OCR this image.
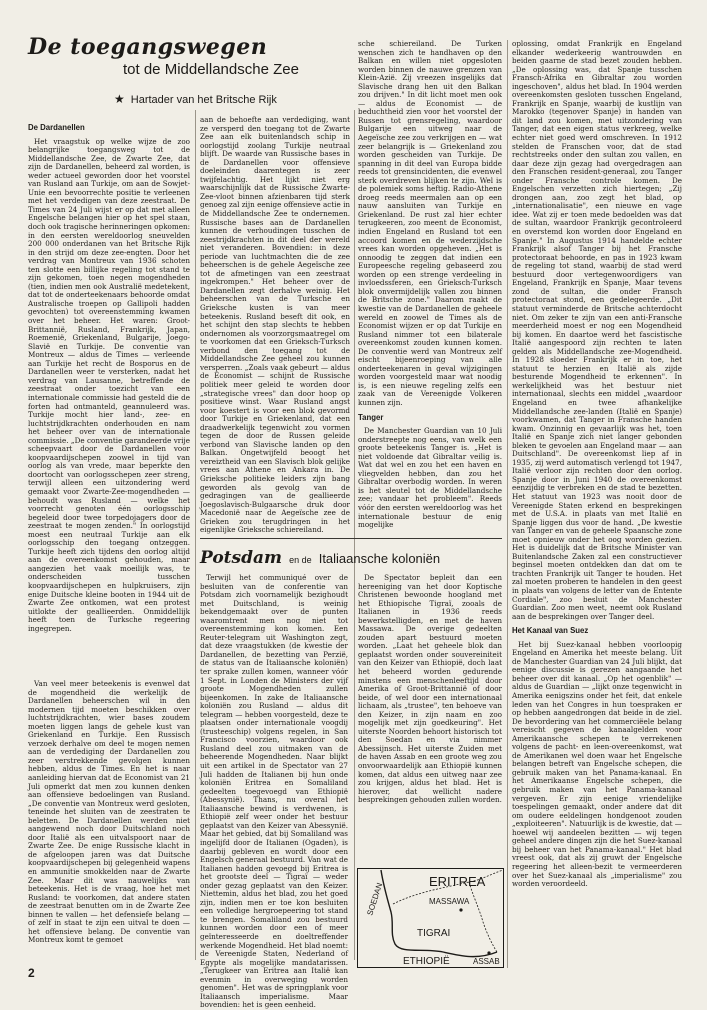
De toegangswegen
tot de Middellandsche Zee
★ Hartader van het Britsche Rijk
De Dardanellen

Het vraagstuk op welke wijze de zoo belangrijke toegangsweg tot de Middellandsche Zee, de Zwarte Zee, dat zijn de Dardanellen, beheerd zal worden, is weder actueel geworden door het voorstel van Rusland aan Turkije, om aan de Sowjet-Unie een bevoorrechte positie te verleenen met het verdedigen van deze zeestraat. De Times van 24 Juli wijst er op dat met alleen Engelsche belangen hier op het spel staan, doch ook tragische herinneringen opkomen: in den eersten wereldoorlog sneuvelden 200 000 onderdanen van het Britsche Rijk in den strijd om deze zee-engten. Door het verdrag van Montreux van 1936 schoten ten slotte een billijke regeling tot stand te zijn gekomen, toen negen mogendheden (tien, indien men ook Australië medetekent, dat tot de onderteekenaars behoorde omdat Australische troepen op Gallipoli hadden gevochten) tot overeenstemming kwamen over het beheer. Het waren: Groot-Brittannië, Rusland, Frankrijk, Japan, Roemenië, Griekenland, Bulgarije, Joego-Slavië en Turkije. De conventie van Montreux — aldus de Times — verleende aan Turkije het recht de Bosporus en de Dardanellen weer te versterken, nadat het verdrag van Lausanne, betreffende de zeestraat onder toezicht van een internationale commissie had gesteld die de forten had ontmanteld, geannuleerd was. Turkije mocht hier land-, zee- en luchtstrijdkrachten onderhouden en nam het beheer over van de internationale commissie. „De conventie garandeerde vrije scheepvaart door de Dardanellen voor koopvaardijschepen zoowel in tijd van oorlog als van vrede, maar beperkte den doortocht van oorlogsschepen zeer streng, terwijl alleen een uitzondering werd gemaakt voor Zwarte-Zee-mogendheden — behoudt was Rusland — welke het voorrecht genoten één oorlogsschip begeleid door twee torpedojagers door de zeestraat te mogen zenden." In oorlogstijd moest een neutraal Turkije aan elk oorlogsschip den toegang ontzeggen. Turkije heeft zich tijdens den oorlog altijd aan de overeenkomst gehouden, maar aangezien het vaak moeilijk was, te onderscheiden tusschen koopvaardijschepen en hulpkruisers, zijn enige Duitsche kleine booten in 1944 uit de Zwarte Zee ontkomen, wat een protest uitlokte der geallieerden. Onmiddellijk heeft toen de Turksche regeering ingegrepen.

Van veel meer beteekenis is evenwel dat de mogendheid die werkelijk de Dardanellen beheerschen wil in den modernen tijd moeten beschikken over luchtstrijdkrachten, wier bases zoudem moeten liggen langs de gehele kust van Griekenland en Turkije. Een Russisch verzoek derhalve om deel te mogen nemen aan de verdediging der Dardanellen zou zeer verstrekkende gevolgen kunnen hebben, aldus de Times. En het is naar aanleiding hiervan dat de Economist van 21 Juli opmerkt dat men zou kunnen denken aan offensieve bedoelingen van Rusland. „De conventie van Montreux werd gesloten, teneinde het sluiten van de zeestraten te beletten. De Dardanellen werden niet aangewend noch door Duitschland noch door Italië als een uitvalspoort naar de Zwarte Zee. De enige Russische klacht in de afgeloopen jaren was dat Duitsche koopvaardijschepen bij gelegenheid wapens en ammunitie smokkelden naar de Zwarte Zee. Maar dit was nauwelijks van beteekenis. Het is de vraag, hoe het met Rusland: te voorkomen, dat andere staten de zeestraat benutten om in de Zwarte Zee binnen te vallen — het defensiefe belang — of zelf in staat te zijn een uitval te doen — het offensieve belang. De conventie van Montreux komt te gemoet

aan de behoefte aan verdediging, want ze versperd den toegang tot de Zwarte Zee aan elk buitenlandsch schip in oorlogstijd zoolang Turkije neutraal blijft. De waarde van Russische bases in de Dardanellen voor offensieve doeleinden daarentegen is zeer twijfelachtig. Het lijkt niet erg waarschijnlijk dat de Russische Zwarte-Zee-vloot binnen afzienbaren tijd sterk genoeg zal zijn eenige offensieve actie in de Middellandsche Zee te ondernemen. Russische bases aan de Dardanellen kunnen de verhoudingen tusschen de zeestrijdkrachten in dit deel der wereld niet veranderen. Bovendien: in deze periode van luchtmachten die de zee beheerschen is de gehele Aegeïsche zee tot de afmetingen van een zeestraat ingekrompen." Het beheer over de Dardanellen zegt derhalve weinig. Het beheerschen van de Turksche en Grieksche kusten is van meer beteekenis. Rusland beseft dit ook, en het schijnt den stap slechts te hebben ondernomen als voorzorgsmaatregel om te voorkomen dat een Grieksch-Turksch verbond den toegang tot de Middellandsche Zee geheel zou kunnen versperren. „Zoals vaak gebeurt — aldus de Economist — schijnt de Russische politiek meer geleid te worden door „strategische vrees" dan door hoop op positieve winst. Waar Rusland angst voor koestert is voor een blok gevormd door Turkije en Griekenland, dat een draadwerkelijk tegenwicht zou vormen tegen de door de Russen geleide verbond van Slavische landen op den Balkan. Ongetwijfeld beoogt het vereiztheid van een Slavisch blok gelijke vrees aan Athene en Ankara in. De Grieksche politieke leiders zijn bang geworden als gevolg van de gedragingen van de geallieerde Joegoslavisch-Bulgaarsche druk door Macedonië naar de Aegeïsche zee de Grieken zou terugdringen in het eigenlijke Grieksche schiereiland.

sche schiereiland. De Turken wenschen zich te handhaven op den Balkan en willen niet opgesloten worden binnen de nauwe grenzen van Klein-Azië. Zij vreezen insgelijks dat Slavische drang hen uit den Balkan zou drijven." In dit licht moet men ook — aldus de Economist — de beduchtheid zien voor het voorstel der Russen tot grensregeling, waardoor Bulgarije een uitweg naar de Aegeïsche zee zou verkrijgen en — wat zeer belangrijk is — Griekenland zou worden gescheiden van Turkije. De spanning in dit deel van Europa bidde reeds tot grensincidenten, die evenwel sterk overdreven blijken te zijn. Wel is de polemiek soms heftig. Radio-Athene droeg reeds meermalen aan op een nauw aansluiten van Turkije en Griekenland. De rust zal hier echter terugkeeren, zoo meent de Economist, indien Engeland en Rusland tot een accoord komen en de wederzijdsche vrees kan worden opgeheven. „Het is onnoodig te zeggen dat indien een Europeesche regeling gebaseerd zou worden op een strenge verdeeling in invloedssferen, een Grieksch-Turksch blok onvermijdelijk vallen zou binnen de Britsche zone." Daarom raakt de kwestie van de Dardanellen de geheele wereld en zoowel de Times als de Economist wijzen er op dat Turkije en Rusland nimmer tot een bilaterale overeenkomst zouden kunnen komen. De conventie werd van Montreux zelf eischt bijeenroeping van alle onderteekenaren in geval wijzigingen worden voorgesteld maar wat noodig is, is een nieuwe regeling zelfs een zaak van de Vereenigde Volkeren kunnen zijn.

Tanger

De Manchester Guardian van 10 Juli onderstreepte nog eens, van welk een groote beteekenis Tanger is. „Het is niet voldoende dat Gibraltar veilig is. Wat dat wel en zou het een haven en vliegvelden hebben, dan zou het Gibraltar overbodig worden. In weren is het sleutel tot de Middellandsche zee; vandaar het probleem". Reeds vóór den eersten wereldoorlog was het internationale bestuur de enig mogelijke

oplossing, omdat Frankrijk en Engeland elkander wederkeerig wantrouwden en beiden gaarne de stad bezet zouden hebben. „De oplossing was, dat Spanje tusschen Fransch-Afrika en Gibraltar zou worden ingeschoven", aldus het blad. In 1904 werden overeenkomsten gesloten tusschen Engeland, Frankrijk en Spanje, waarbij de kustlijn van Marokko (tegenover Spanje) in handen van dit land zou komen, met uitzondering van Tanger, dat een eigen status verkreeg, welke echter niet goed werd omschreven. In 1912 stelden de Franschen voor, dat de stad rechtstreeks onder den sultan zou vallen, en daar deze zijn gezag had overgedragen aan den Franschen resident-generaal, zou Tanger onder Fransche controle komen. De Engelschen verzetten zich hiertegen; „Zij drongen aan, zoo zegt het blad, op „internationalisatie", een nieuwe en vage idee. Wat zij er toen mede bedoelden was dat de sultan, waardoor Frankrijk gecontroleerd en overstemd kon worden door Engeland en Spanje." In Augustus 1914 handelde echter Frankrijk alsof Tanger bij het Fransche protectoraat behoorde, en pas in 1923 kwam de regeling tot stand, waarbij de stad werd bestuurd door vertegenwoordigers van Engeland, Frankrijk en Spanje, Maar tevens zond de sultan, die onder Fransch protectoraat stond, een gedelegeerde. „Dit statuut verminderde de Britsche achterdocht niet. Om zeker te zijn van een anti-Fransche meerderheid moest er nog een Mogendheid bij komen. En daartoe werd het fascistische Italië aangespoord zijn rechten te laten gelden als Middellandsche zee-Mogendheid. In 1928 sloeder Frankrijk er in toe, het statuut te herzien en Italië als zijde besturende Mogendheid te erkennen". In werkelijkheid was het bestuur niet internationaal, slechts een middel „waardoor Engeland en twee afhankelijke Middellandsche zee-landen (Italië en Spanje) voorkwamen, dat Tanger in Fransche handen kwam. Onzinnig en gevaarlijk was het, toen Italië en Spanje zich niet langer gebonden bleken te gevoelen aan Engeland maar — aan Duitschland". De overeenkomst liep af in 1935, zij werd automatisch verlengd tot 1947, Italië verloor zijn rechten door den oorlog. Spanje door in Juni 1940 de overeenkomst eenzijdig te verbreken en de stad te bezetten. Het statuut van 1923 was nooit door de Vereenigde Staten erkend en besprekingen met de U.S.A. in plaats van met Italië en Spanje liggen dus voor de hand. „De kwestie van Tanger en van de geheele Spaansche zone moet opnieuw onder het oog worden gezien. Het is duidelijk dat de Britsche Minister van Buitenlandsche Zaken zal een constructiever beginsel moeten ontdekken dan dat om te trachten Frankrijk uit Tanger te houden. Het zal moeten proberen te handelen in den geest in plaats van volgens de letter van de Entente Cordiale", zoo besluit de Manchester Guardian. Zoo men weet, neemt ook Rusland aan de besprekingen over Tanger deel.

Het Kanaal van Suez

Het bij Suez-kanaal hebben voorloopig Engeland en Amerika het meeste belang. Uit de Manchester Guardian van 24 Juli blijkt, dat eenige discussie is gerezen aangaande het beheer over dit kanaal. „Op het ogenblik" — aldus de Guardian — „lijkt onze tegenwicht in Amerika eenigszins onder het feit, dat enkele leden van het Congres in hun toespraken er op hebben aangedrongen dat beide in de ziel. De bevordering van het commerciëele belang vereischt gegeven de kanaalgelden voor Amerikaansche schepen te verrekenen volgens de pacht- en leen-overeenkomst, wat de Amerikanen wel doen waar het Engelsche belangen betreft van Engelsche schepen, die gebruik maken van het Panama-kanaal. En het Amerikaanse Engelsche schepen, die gebruik maken van het Panama-kanaal vergeven. Er zijn eenige vriendelijke toespelingen gemaakt, onder andere dat dit om oudere eeldelingen hondgenoot zouden „exploiteeren". Natuurlijk is de kwestie, dat — hoewel wij aandeelen bezitten — wij tegen geheel andere dingen zijn die het Suez-kanaal bij beheer van het Panama-kanaal." Het blad vreest ook, dat als zij gruwt der Engelsche regeering het alleen-bezit te vermeerderen over het Suez-kanaal als „imperialisme" zou worden veroordeeld.

Potsdam en de Italiaansche koloniën

Terwijl het communiqué over de besluiten van de conferentie van Potsdam zich voornamelijk bezighoudt met Duitschland, is weinig bekendgemaakt over de punten waaromtrent men nog niet tot overeenstemming kon komen. Een Reuter-telegram uit Washington zegt, dat deze vraagstukken (de kwestie der Dardanellen, de bezetting van Perzië, de status van de Italiaansche koloniën) ter sprake zullen komen, wanneer vóór 1 Sept. in Londen de Ministers der vijf groote Mogendheden zullen bijeenkomen. In zake de Italiaansche koloniën zou Rusland — aldus dit telegram — hebben voorgesteld, deze te plaatsen onder internationale voogdij (trusteeschip) volgens regelen, in San Francisco voorzien, waardoor ook Rusland deel zou uitmaken van de beheerende Mogendheden. Naar blijkt uit een artikel in de Spectator van 27 Juli hadden de Italianen bij hun onde koloniën Eritrea en Somaliland gedeelten toegevoegd van Ethiopië (Abessynië). Thans, nu overal het Italiaansche bewind is verdwenen, is Ethiopië zelf weer onder het bestuur geplaatst van den Keizer van Abessynië. Maar het gebied, dat bij Somaliland was ingelijfd door de Italianen (Ogaden), is daarbij gebleven en wordt door een Engelsch generaal bestuurd. Van wat de Italianen hadden gevoegd bij Eritrea is het grootste deel — Tigraï — weder onder gezag geplaatst van den Keizer. Niettemin, aldus het blad, zou het goed zijn, indien men er toe kon besluiten een volledige hergroepeering tot stand te brengen. Somaliland zou bestuurd kunnen worden door een of meer geïnteresseerde en doeltreffender werkende Mogendheid. Het blad noemt: de Vereenigde Staten, Nederland of Egypte als mogelijke mandatarissen. „Terugkeer van Eritrea aan Italië kan evenmin in overweging worden genomen". Het was de springplank voor Italiaansch imperialisme. Maar bovendien: het is geen eenheid.

De Spectator bepleit dan een hereeniging van het door Koptische Christenen bewoonde hoogland met het Ethiopische Tigraï, zooals de Italianen in 1936 reeds bewerkstelligden, en met de haven Massawa. De overige gedeelten zouden apart bestuurd moeten worden. „Laat het geheele blok dan geplaatst worden onder souvereiniteit van den Keizer van Ethiopië, doch laat het beheerd worden gedurende minstens een menschenleeftijd door Amerika of Groot-Brittannië of door beide, of wel door een internationaal lichaam, als „trustee", ten behoeve van den Keizer, in zijn naam en zoo mogelijk met zijn goedkeuring". Het uiterste Noorden behoort historisch tot den Soedan en via nimmer Abessijnsch. Het uiterste Zuiden met de haven Assab en een groote weg zou onvoorwaardelijk aan Ethiopië kunnen komen, dat aldus een uitweg naar zee zou krijgen, aldus het blad. Het is hierover, dat wellicht nadere besprekingen gehouden zullen worden.

ERITREA
MASSAWA
SOEDAN
TIGRAI
ETHIOPIË	ASSAB
2
